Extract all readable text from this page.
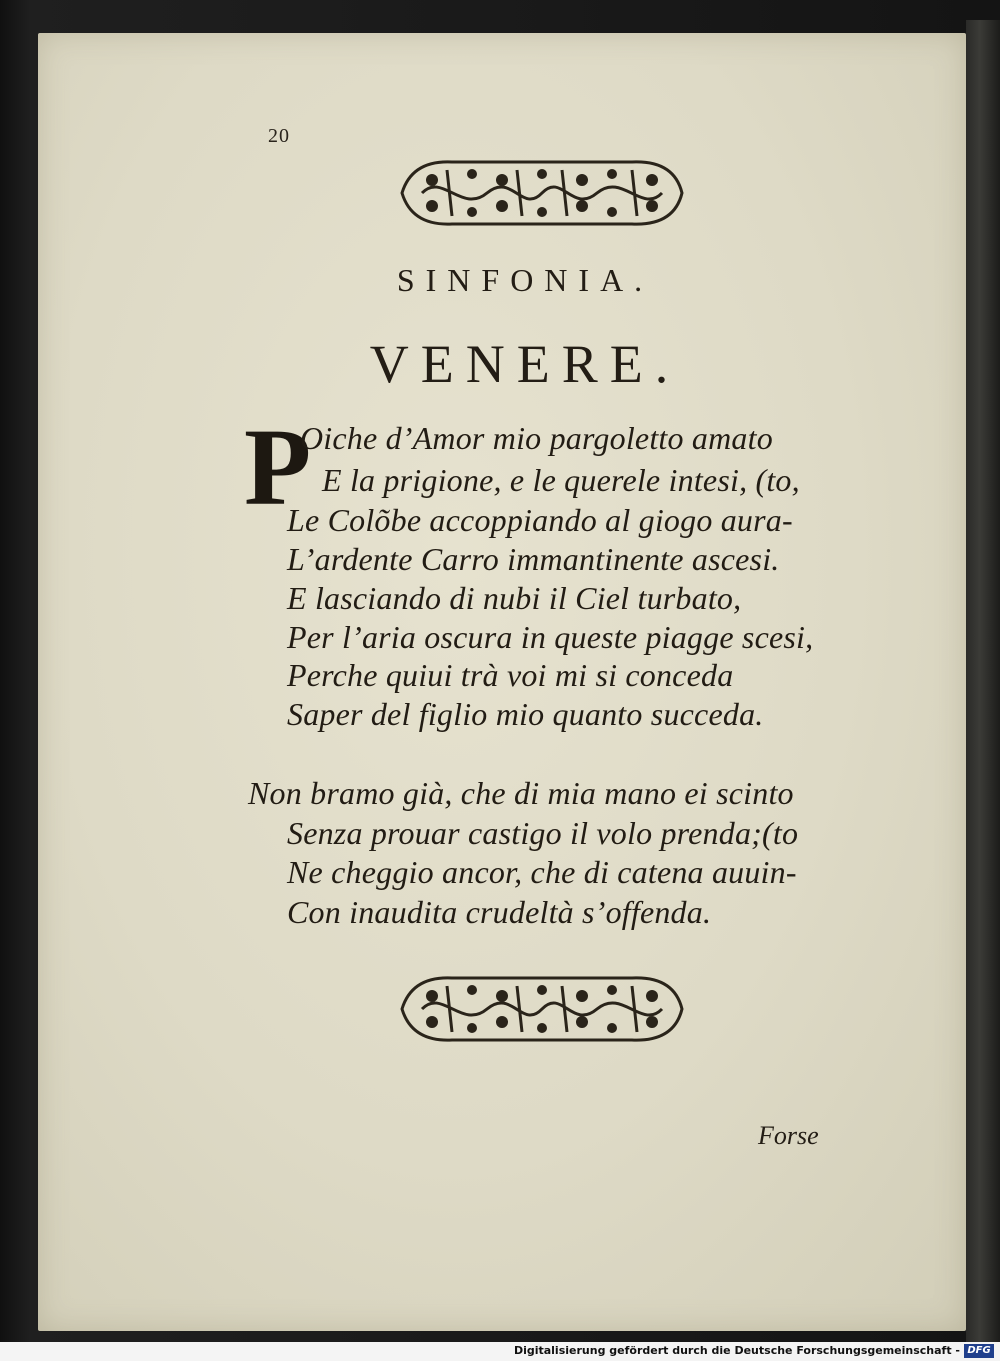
20
SINFONIA.
VENERE.
P
Oiche d’Amor mio pargoletto amato
E la prigione, e le querele intesi, (to,
Le Colõbe accoppiando al giogo aura-
L’ardente Carro immantinente ascesi.
E lasciando di nubi il Ciel turbato,
Per l’aria oscura in queste piagge scesi,
Perche quiui trà voi mi si conceda
Saper del figlio mio quanto succeda.
Non bramo già, che di mia mano ei scinto
Senza prouar castigo il volo prenda;(to
Ne cheggio ancor, che di catena auuin-
Con inaudita crudeltà s’offenda.
Forse
Digitalisierung gefördert durch die Deutsche Forschungsgemeinschaft - DFG
